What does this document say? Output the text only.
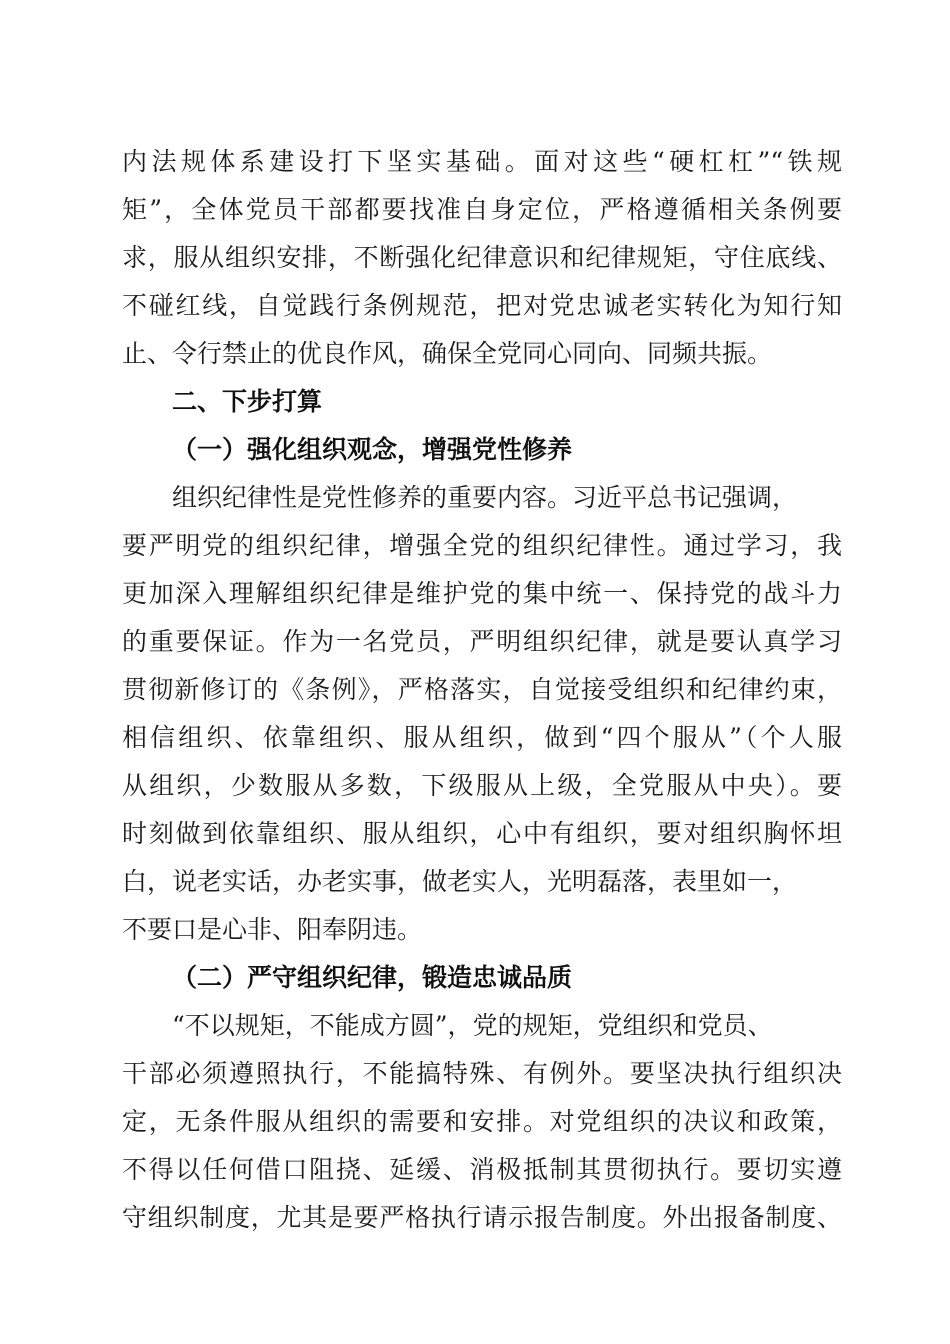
内法规体系建设打下坚实基础。面对这些“硬杠杠”“铁规
矩”，全体党员干部都要找准自身定位，严格遵循相关条例要
求，服从组织安排，不断强化纪律意识和纪律规矩，守住底线、
不碰红线，自觉践行条例规范，把对党忠诚老实转化为知行知
止、令行禁止的优良作风，确保全党同心同向、同频共振。
二、下步打算
（一）强化组织观念，增强党性修养
组织纪律性是党性修养的重要内容。习近平总书记强调，
要严明党的组织纪律，增强全党的组织纪律性。通过学习，我
更加深入理解组织纪律是维护党的集中统一、保持党的战斗力
的重要保证。作为一名党员，严明组织纪律，就是要认真学习
贯彻新修订的《条例》，严格落实，自觉接受组织和纪律约束，
相信组织、依靠组织、服从组织，做到“四个服从”（个人服
从组织，少数服从多数，下级服从上级，全党服从中央）。要
时刻做到依靠组织、服从组织，心中有组织，要对组织胸怀坦
白，说老实话，办老实事，做老实人，光明磊落，表里如一，
不要口是心非、阳奉阴违。
（二）严守组织纪律，锻造忠诚品质
“不以规矩，不能成方圆”，党的规矩，党组织和党员、
干部必须遵照执行，不能搞特殊、有例外。要坚决执行组织决
定，无条件服从组织的需要和安排。对党组织的决议和政策，
不得以任何借口阻挠、延缓、消极抵制其贯彻执行。要切实遵
守组织制度，尤其是要严格执行请示报告制度。外出报备制度、
